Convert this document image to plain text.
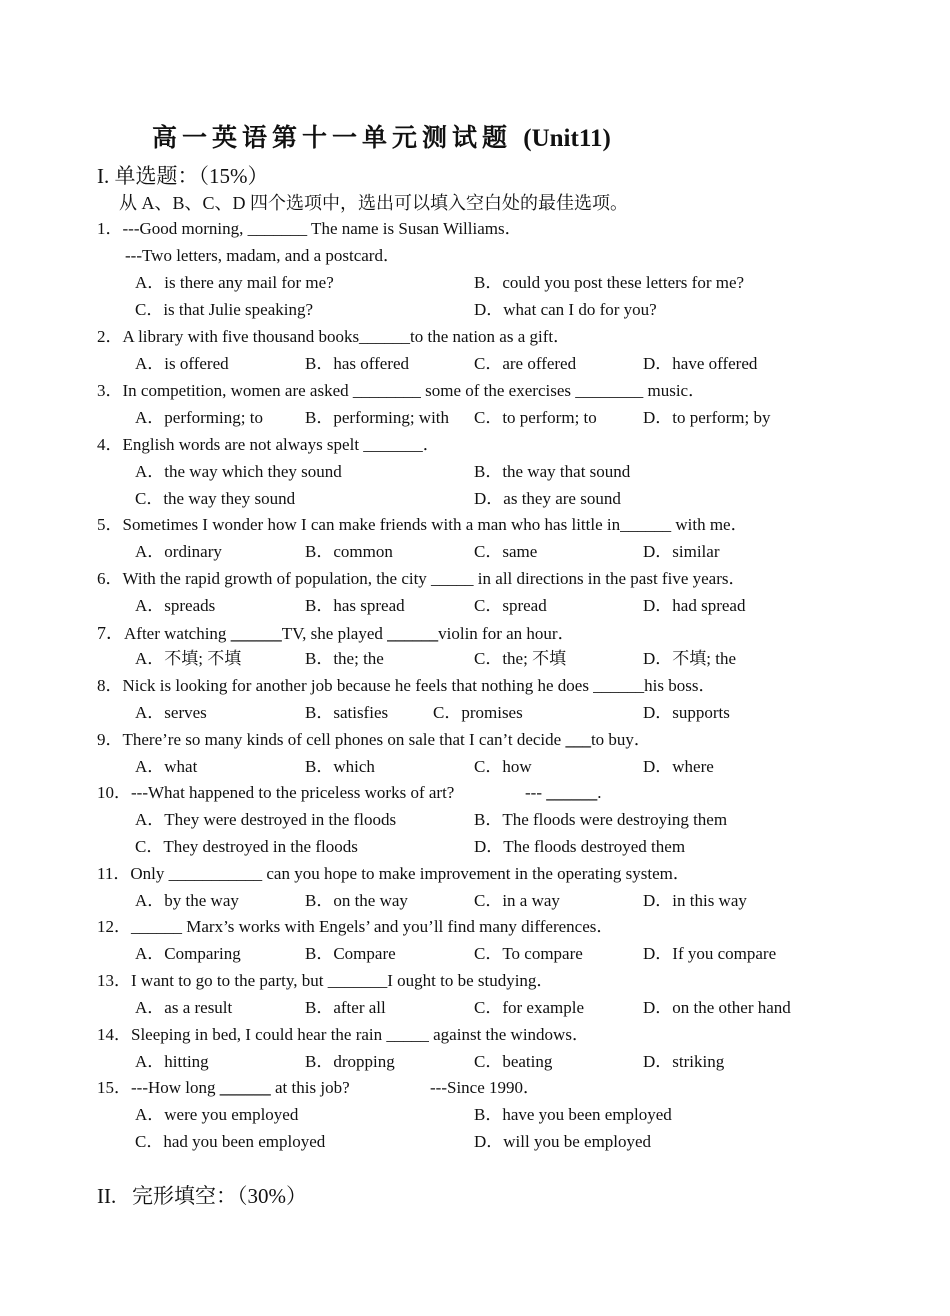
高一英语第十一单元测试题 (Unit11)
I. 单选题：（15%）
从 A、B、C、D 四个选项中，选出可以填入空白处的最佳选项。
1．---Good morning, _______ The name is Susan Williams．
---Two letters, madam, and a postcard．
A．is there any mail for me?	B．could you post these letters for me?
C．is that Julie speaking?	D．what can I do for you?
2．A library with five thousand books______to the nation as a gift．
A．is offered	B．has offered	C．are offered	D．have offered
3．In competition, women are asked ________ some of the exercises ________ music．
A．performing; to B．performing; with C．to perform; to	D．to perform; by
4．English words are not always spelt _______．
A．the way which they sound	B．the way that sound
C．the way they sound	D．as they are sound
5．Sometimes I wonder how I can make friends with a man who has little in______ with me．
A．ordinary	B．common	C．same	D．similar
6．With the rapid growth of population, the city _____ in all directions in the past five years．
A．spreads	B．has spread	C．spread	D．had spread
7．After watching ______TV, she played ______violin for an hour．
A．不填; 不填	B．the; the	C．the; 不填	D．不填; the
8．Nick is looking for another job because he feels that nothing he does ______his boss．
A．serves	B．satisfies	C．promises	D．supports
9．There’re so many kinds of cell phones on sale that I can’t decide ___to buy．
A．what	B．which	C．how	D．where
10．---What happened to the priceless works of art?	--- ______.
A．They were destroyed in the floods	B．The floods were destroying them
C．They destroyed in the floods	D．The floods destroyed them
11．Only ___________ can you hope to make improvement in the operating system．
A．by the way	B．on the way	C．in a way	D．in this way
12．______ Marx’s works with Engels’ and you’ll find many differences．
A．Comparing	B．Compare	C．To compare	D．If you compare
13．I want to go to the party, but _______I ought to be studying．
A．as a result	B．after all	C．for example	D．on the other hand
14．Sleeping in bed, I could hear the rain _____ against the windows．
A．hitting	B．dropping	C．beating	D．striking
15．---How long ______ at this job?	---Since 1990．
A．were you employed	B．have you been employed
C．had you been employed	D．will you be employed
II.   完形填空：（30%）
